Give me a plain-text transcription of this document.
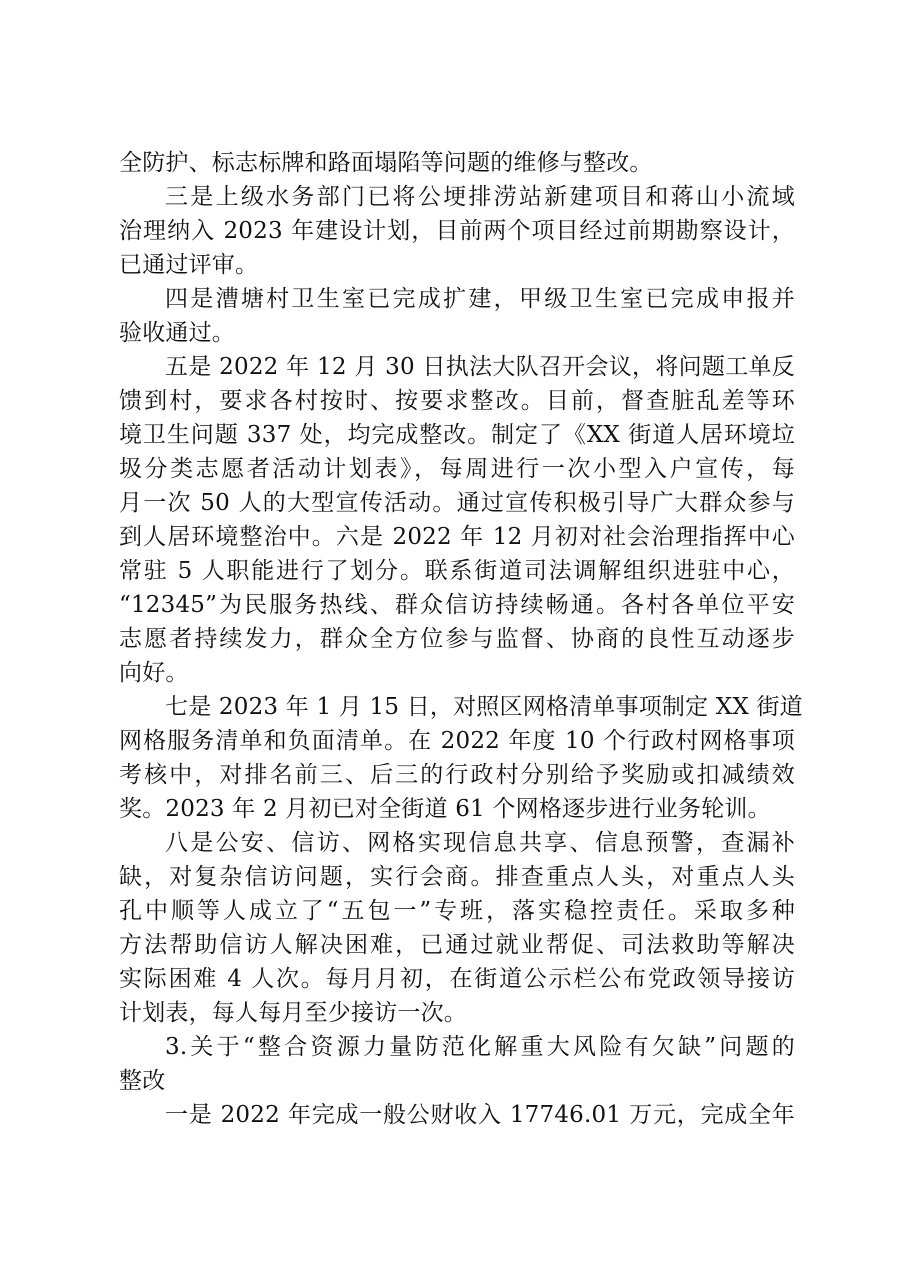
全防护、标志标牌和路面塌陷等问题的维修与整改。
三是上级水务部门已将公埂排涝站新建项目和蒋山小流域
治理纳入 2023 年建设计划，目前两个项目经过前期勘察设计，
已通过评审。
四是漕塘村卫生室已完成扩建，甲级卫生室已完成申报并
验收通过。
五是 2022 年 12 月 30 日执法大队召开会议，将问题工单反
馈到村，要求各村按时、按要求整改。目前，督查脏乱差等环
境卫生问题 337 处，均完成整改。制定了《XX 街道人居环境垃
圾分类志愿者活动计划表》，每周进行一次小型入户宣传，每
月一次 50 人的大型宣传活动。通过宣传积极引导广大群众参与
到人居环境整治中。六是 2022 年 12 月初对社会治理指挥中心
常驻 5 人职能进行了划分。联系街道司法调解组织进驻中心，
“12345”为民服务热线、群众信访持续畅通。各村各单位平安
志愿者持续发力，群众全方位参与监督、协商的良性互动逐步
向好。
七是 2023 年 1 月 15 日，对照区网格清单事项制定 XX 街道
网格服务清单和负面清单。在 2022 年度 10 个行政村网格事项
考核中，对排名前三、后三的行政村分别给予奖励或扣减绩效
奖。2023 年 2 月初已对全街道 61 个网格逐步进行业务轮训。
八是公安、信访、网格实现信息共享、信息预警，查漏补
缺，对复杂信访问题，实行会商。排查重点人头，对重点人头
孔中顺等人成立了“五包一”专班，落实稳控责任。采取多种
方法帮助信访人解决困难，已通过就业帮促、司法救助等解决
实际困难 4 人次。每月月初，在街道公示栏公布党政领导接访
计划表，每人每月至少接访一次。
3.关于“整合资源力量防范化解重大风险有欠缺”问题的
整改
一是 2022 年完成一般公财收入 17746.01 万元，完成全年
